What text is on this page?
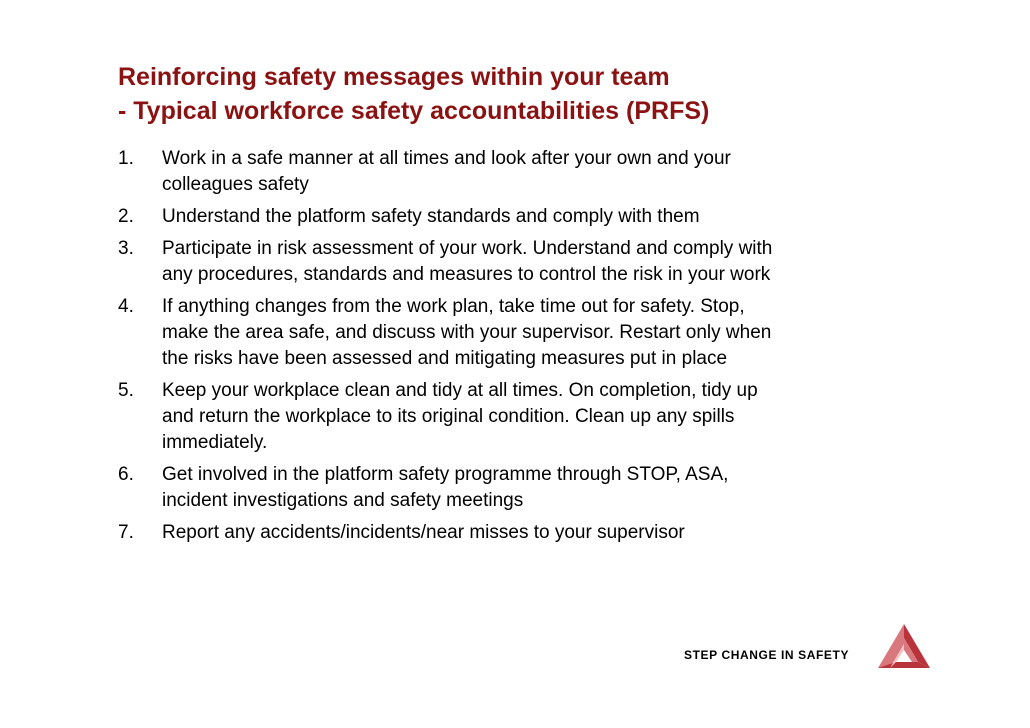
Reinforcing safety messages within your team
- Typical workforce safety accountabilities (PRFS)
1.	Work in a safe manner at all times and look after your own and your
colleagues safety
2.	Understand the platform safety standards and comply with them
3.	Participate in risk assessment of your work. Understand and comply with
any procedures, standards and measures to control the risk in your work
4.	If anything changes from the work plan, take time out for safety. Stop,
make the area safe, and discuss with your supervisor. Restart only when
the risks have been assessed and mitigating measures put in place
5.	Keep your workplace clean and tidy at all times. On completion, tidy up
and return the workplace to its original condition. Clean up any spills
immediately.
6.	Get involved in the platform safety programme through STOP, ASA,
incident investigations and safety meetings
7.	Report any accidents/incidents/near misses to your supervisor
STEP CHANGE IN SAFETY
